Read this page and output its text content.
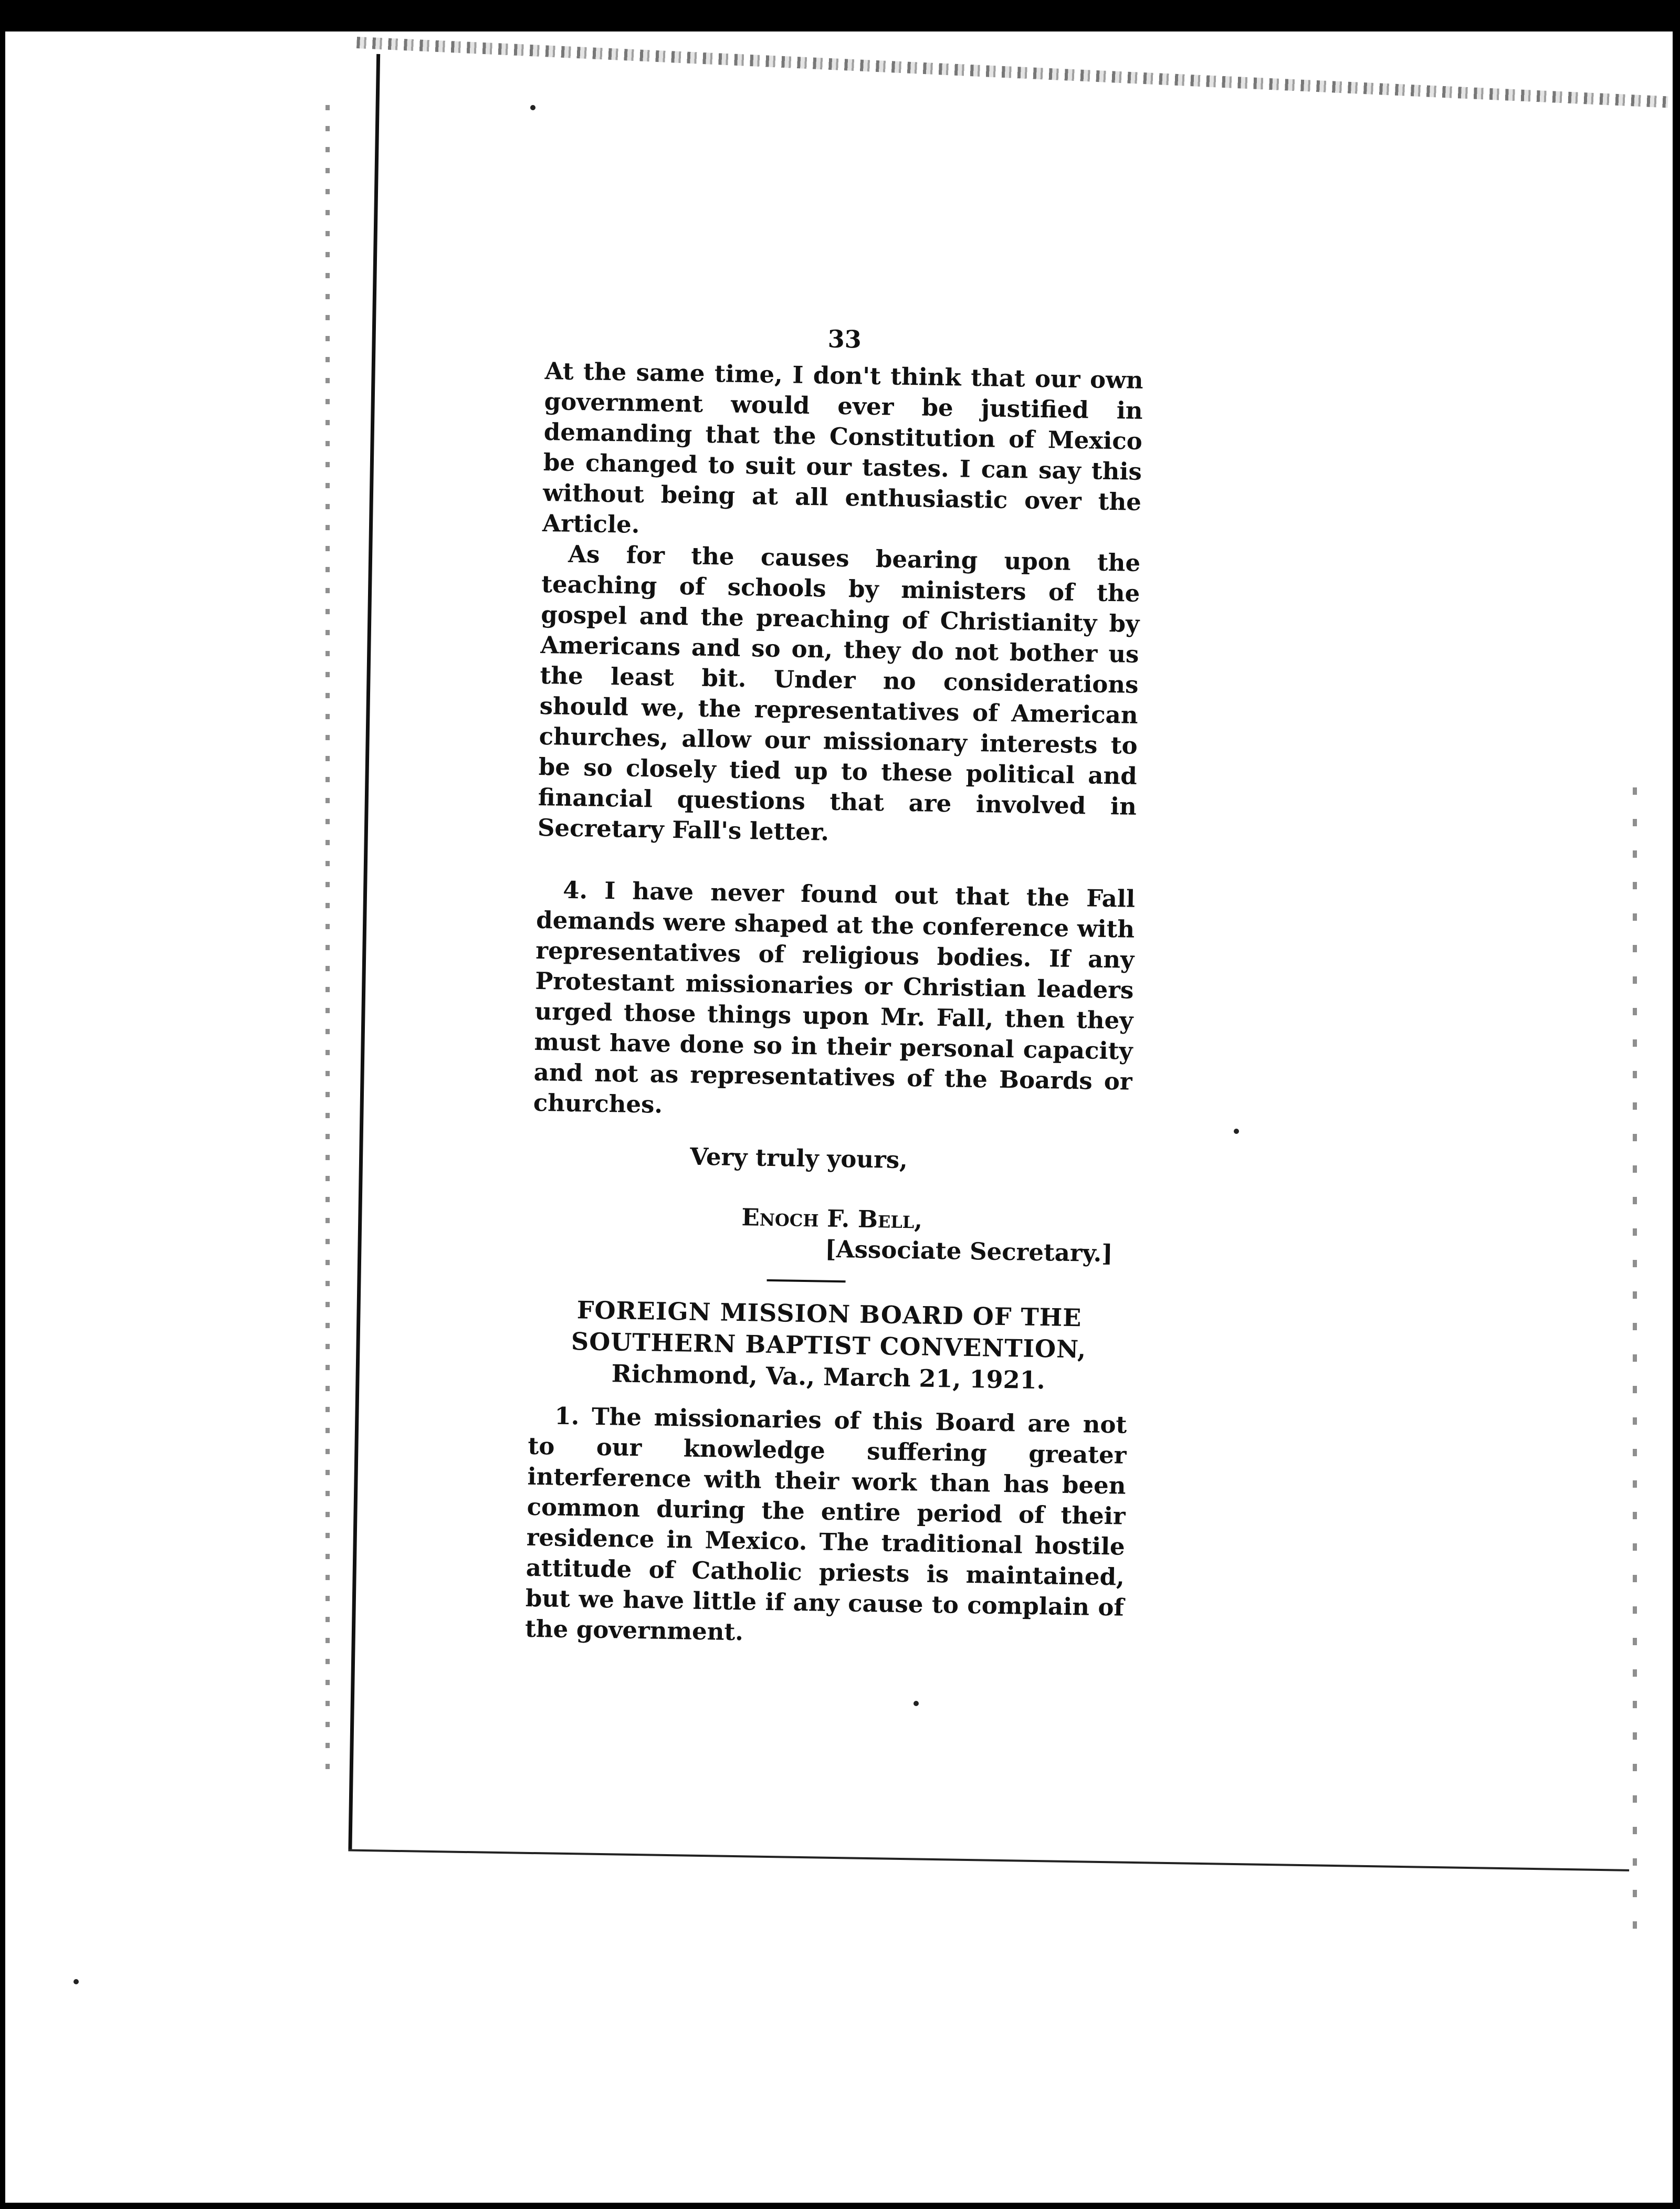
33

At the same time, I don't think that our own government would ever be justified in demanding that the Constitution of Mexico be changed to suit our tastes. I can say this without being at all enthusiastic over the Article.

As for the causes bearing upon the teaching of schools by ministers of the gospel and the preaching of Christianity by Americans and so on, they do not bother us the least bit. Under no considerations should we, the representatives of American churches, allow our missionary interests to be so closely tied up to these political and financial questions that are involved in Secretary Fall's letter.

4. I have never found out that the Fall demands were shaped at the conference with representatives of religious bodies. If any Protestant missionaries or Christian leaders urged those things upon Mr. Fall, then they must have done so in their personal capacity and not as representatives of the Boards or churches.

Very truly yours,
Enoch F. Bell,
[Associate Secretary.]
FOREIGN MISSION BOARD OF THE
SOUTHERN BAPTIST CONVENTION,
Richmond, Va., March 21, 1921.

1. The missionaries of this Board are not to our knowledge suffering greater interference with their work than has been common during the entire period of their residence in Mexico. The traditional hostile attitude of Catholic priests is maintained, but we have little if any cause to complain of the government.
